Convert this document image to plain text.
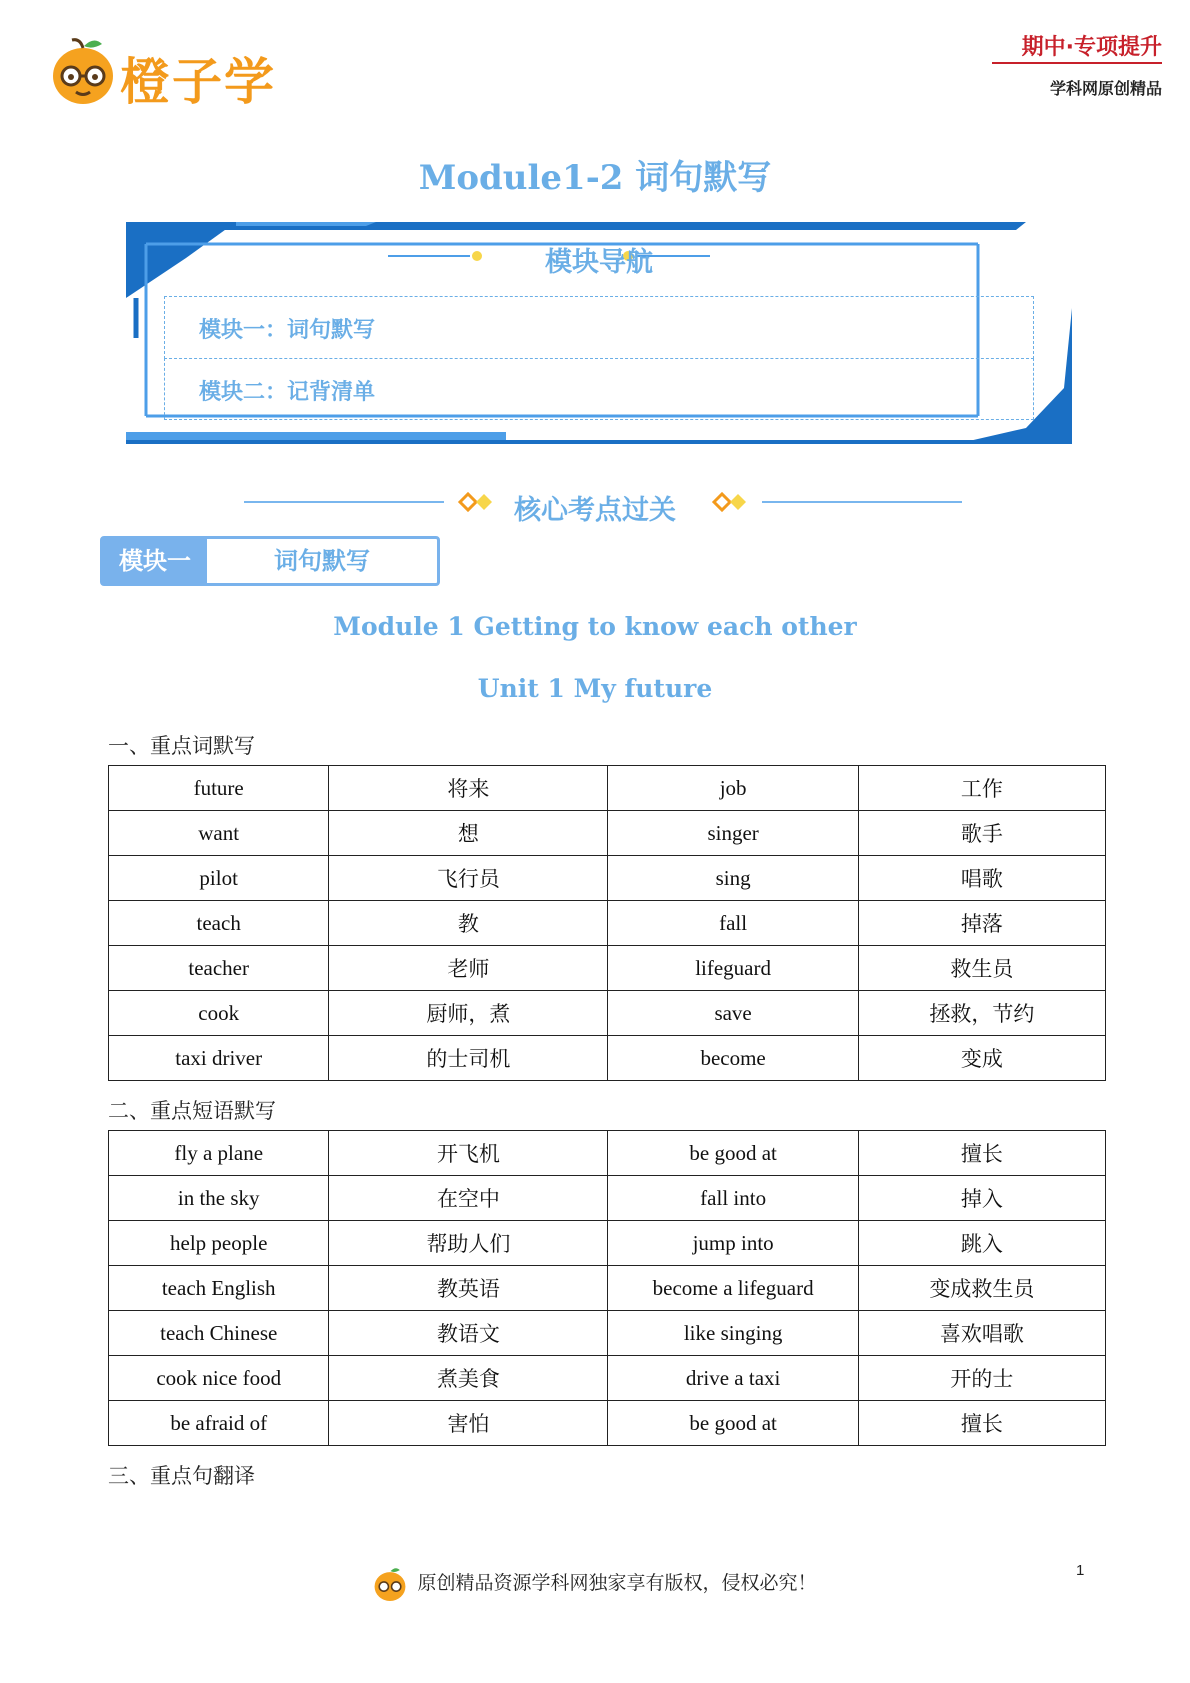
橙子学
期中·专项提升
学科网原创精品
Module1-2 词句默写
模块导航
模块一：词句默写
模块二：记背清单
核心考点过关
模块一	词句默写
Module 1 Getting to know each other
Unit 1 My future
一、重点词默写
future	将来	job	工作
want	想	singer	歌手
pilot	飞行员	sing	唱歌
teach	教	fall	掉落
teacher	老师	lifeguard	救生员
cook	厨师，煮	save	拯救，节约
taxi driver	的士司机	become	变成
二、重点短语默写
fly a plane	开飞机	be good at	擅长
in the sky	在空中	fall into	掉入
help people	帮助人们	jump into	跳入
teach English	教英语	become a lifeguard	变成救生员
teach Chinese	教语文	like singing	喜欢唱歌
cook nice food	煮美食	drive a taxi	开的士
be afraid of	害怕	be good at	擅长
三、重点句翻译
原创精品资源学科网独家享有版权，侵权必究！
1
